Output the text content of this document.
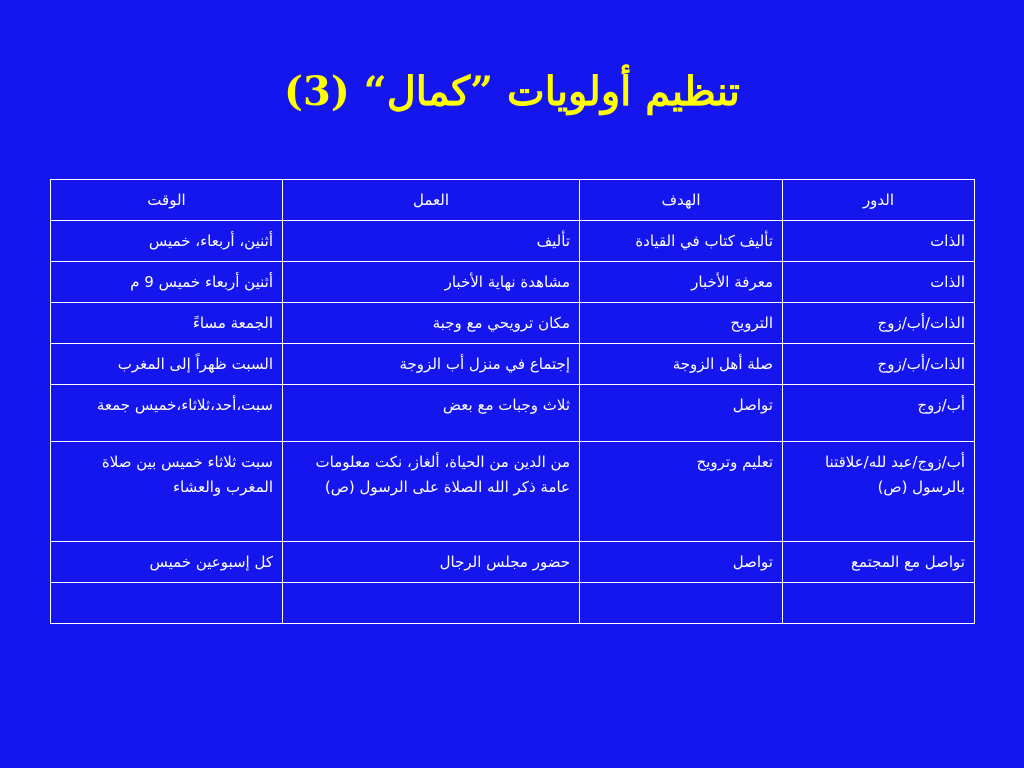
تنظيم أولويات ”كمال“ (3)
الدور	الهدف	العمل	الوقت
الذات	تأليف كتاب في القيادة	تأليف	أثنين، أربعاء، خميس
الذات	معرفة الأخبار	مشاهدة نهاية الأخبار	أثنين أربعاء خميس 9 م
الذات/أب/زوج	الترويح	مكان ترويحي مع وجبة	الجمعة مساءً
الذات/أب/زوج	صلة أهل الزوجة	إجتماع في منزل أب الزوجة	السبت ظهراً إلى المغرب
أب/زوج	تواصل	ثلاث وجبات مع بعض	سبت،أحد،ثلاثاء،خميس جمعة
أب/زوج/عبد لله/علاقتنا بالرسول (ص)	تعليم وترويح	من الدين من الحياة، ألغاز، نكت معلومات عامة ذكر الله الصلاة على الرسول (ص)	سبت ثلاثاء خميس بين صلاة المغرب والعشاء
تواصل مع المجتمع	تواصل	حضور مجلس الرجال	كل إسبوعين خميس
